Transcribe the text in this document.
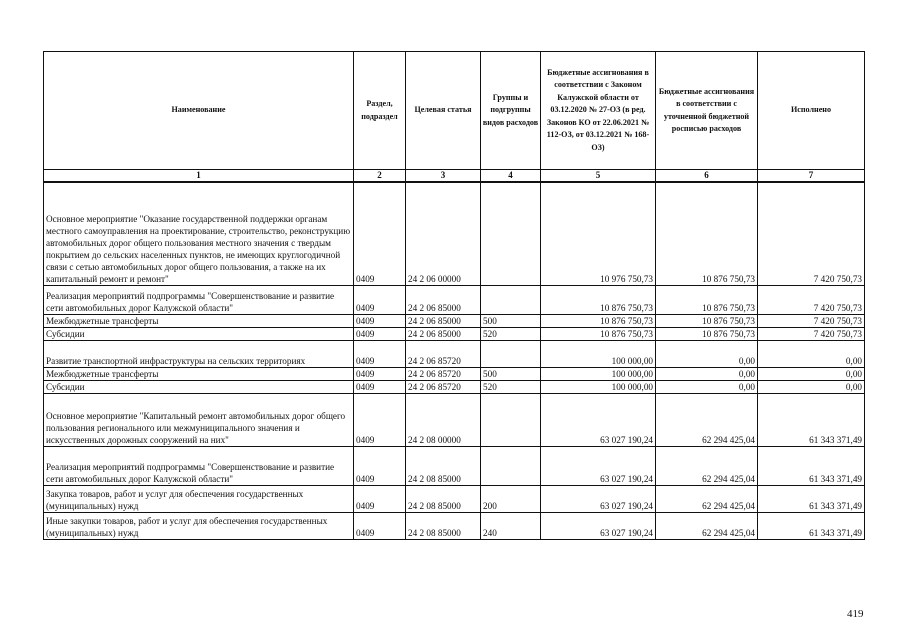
Наименование	Раздел, подраздел	Целевая статья	Группы и подгруппы видов расходов	Бюджетные ассигнования в соответствии с Законом Калужской области от 03.12.2020 № 27-ОЗ (в ред. Законов КО от 22.06.2021 № 112-ОЗ, от 03.12.2021 № 168-ОЗ)	Бюджетные ассигнования в соответствии с уточненной бюджетной росписью расходов	Исполнено
1	2	3	4	5	6	7
Основное мероприятие "Оказание государственной поддержки органам местного самоуправления на проектирование, строительство, реконструкцию автомобильных дорог общего пользования местного значения с твердым покрытием до сельских населенных пунктов, не имеющих круглогодичной связи с сетью автомобильных дорог общего пользования, а также на их капитальный ремонт и ремонт"	0409	24 2 06 00000		10 976 750,73	10 876 750,73	7 420 750,73
Реализация мероприятий подпрограммы "Совершенствование и развитие сети автомобильных дорог Калужской области"	0409	24 2 06 85000		10 876 750,73	10 876 750,73	7 420 750,73
Межбюджетные трансферты	0409	24 2 06 85000	500	10 876 750,73	10 876 750,73	7 420 750,73
Субсидии	0409	24 2 06 85000	520	10 876 750,73	10 876 750,73	7 420 750,73
Развитие транспортной инфраструктуры на сельских территориях	0409	24 2 06 85720		100 000,00	0,00	0,00
Межбюджетные трансферты	0409	24 2 06 85720	500	100 000,00	0,00	0,00
Субсидии	0409	24 2 06 85720	520	100 000,00	0,00	0,00
Основное мероприятие "Капитальный ремонт автомобильных дорог общего пользования регионального или межмуниципального значения и искусственных дорожных сооружений на них"	0409	24 2 08 00000		63 027 190,24	62 294 425,04	61 343 371,49
Реализация мероприятий подпрограммы "Совершенствование и развитие сети автомобильных дорог Калужской области"	0409	24 2 08 85000		63 027 190,24	62 294 425,04	61 343 371,49
Закупка товаров, работ и услуг для обеспечения государственных (муниципальных) нужд	0409	24 2 08 85000	200	63 027 190,24	62 294 425,04	61 343 371,49
Иные закупки товаров, работ и услуг для обеспечения государственных (муниципальных) нужд	0409	24 2 08 85000	240	63 027 190,24	62 294 425,04	61 343 371,49
419
